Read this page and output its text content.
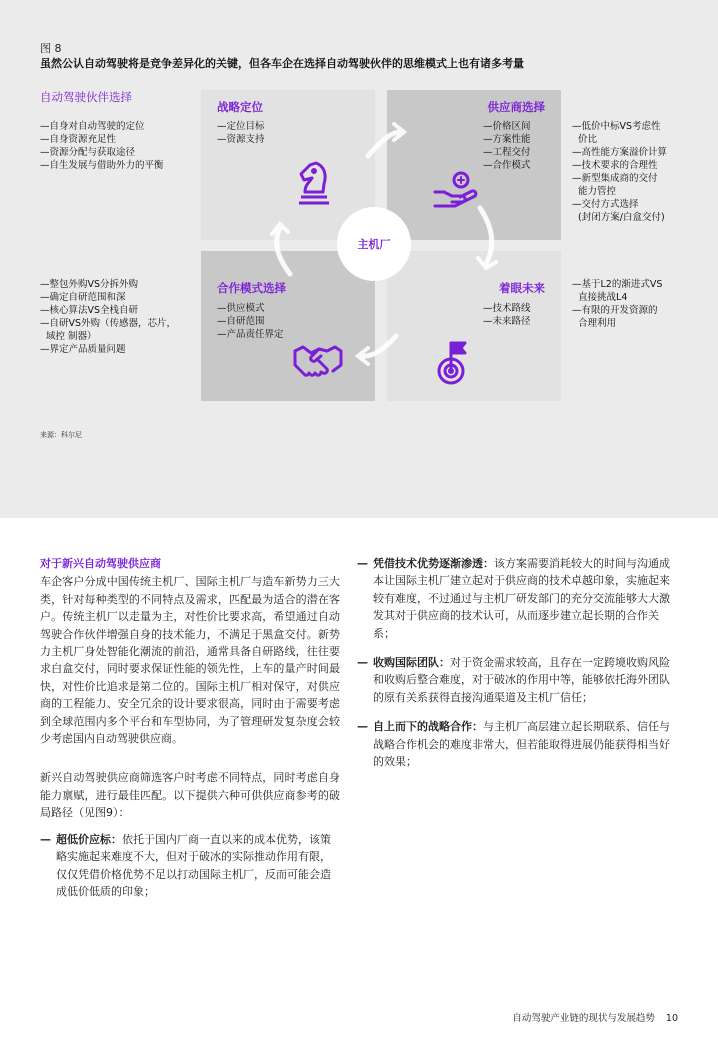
图 8
虽然公认自动驾驶将是竞争差异化的关键，但各车企在选择自动驾驶伙伴的思维模式上也有诸多考量
自动驾驶伙伴选择
—自身对自动驾驶的定位
—自身资源充足性
—资源分配与获取途径
—自生发展与借助外力的平衡
—整包外购VS分拆外购
—确定自研范围和深
—核心算法VS全栈自研
—自研VS外购（传感器，芯片，
域控 制器）
—界定产品质量问题
战略定位
—定位目标
—资源支持
供应商选择
—价格区间
—方案性能
—工程交付
—合作模式
合作模式选择
—供应模式
—自研范围
—产品责任界定
着眼未来
—技术路线
—未来路径
主机厂
—低价中标VS考虑性
价比
—高性能方案溢价计算
—技术要求的合理性
—新型集成商的交付
能力管控
—交付方式选择
(封闭方案/白盒交付)
—基于L2的渐进式VS
直接挑战L4
—有限的开发资源的
合理利用
来源：科尔尼
对于新兴自动驾驶供应商

车企客户分成中国传统主机厂、国际主机厂与造车新势力三大类，针对每种类型的不同特点及需求，匹配最为适合的潜在客户。传统主机厂以走量为主，对性价比要求高，希望通过自动驾驶合作伙伴增强自身的技术能力，不满足于黑盒交付。新势力主机厂身处智能化潮流的前沿，通常具备自研路线，往往要求白盒交付，同时要求保证性能的领先性，上车的量产时间最快，对性价比追求是第二位的。国际主机厂相对保守，对供应商的工程能力、安全冗余的设计要求很高，同时由于需要考虑到全球范围内多个平台和车型协同，为了管理研发复杂度会较少考虑国内自动驾驶供应商。

新兴自动驾驶供应商筛选客户时考虑不同特点，同时考虑自身能力禀赋，进行最佳匹配。以下提供六种可供供应商参考的破局路径（见图9）：

— 超低价应标：依托于国内厂商一直以来的成本优势，该策略实施起来难度不大，但对于破冰的实际推动作用有限，仅仅凭借价格优势不足以打动国际主机厂，反而可能会造成低价低质的印象；
— 凭借技术优势逐渐渗透：该方案需要消耗较大的时间与沟通成本让国际主机厂建立起对于供应商的技术卓越印象，实施起来较有难度，不过通过与主机厂研发部门的充分交流能够大大激发其对于供应商的技术认可，从而逐步建立起长期的合作关系；
— 收购国际团队：对于资金需求较高，且存在一定跨境收购风险和收购后整合难度，对于破冰的作用中等，能够依托海外团队的原有关系获得直接沟通渠道及主机厂信任；
— 自上而下的战略合作：与主机厂高层建立起长期联系、信任与战略合作机会的难度非常大，但若能取得进展仍能获得相当好的效果；
自动驾驶产业链的现状与发展趋势 10
